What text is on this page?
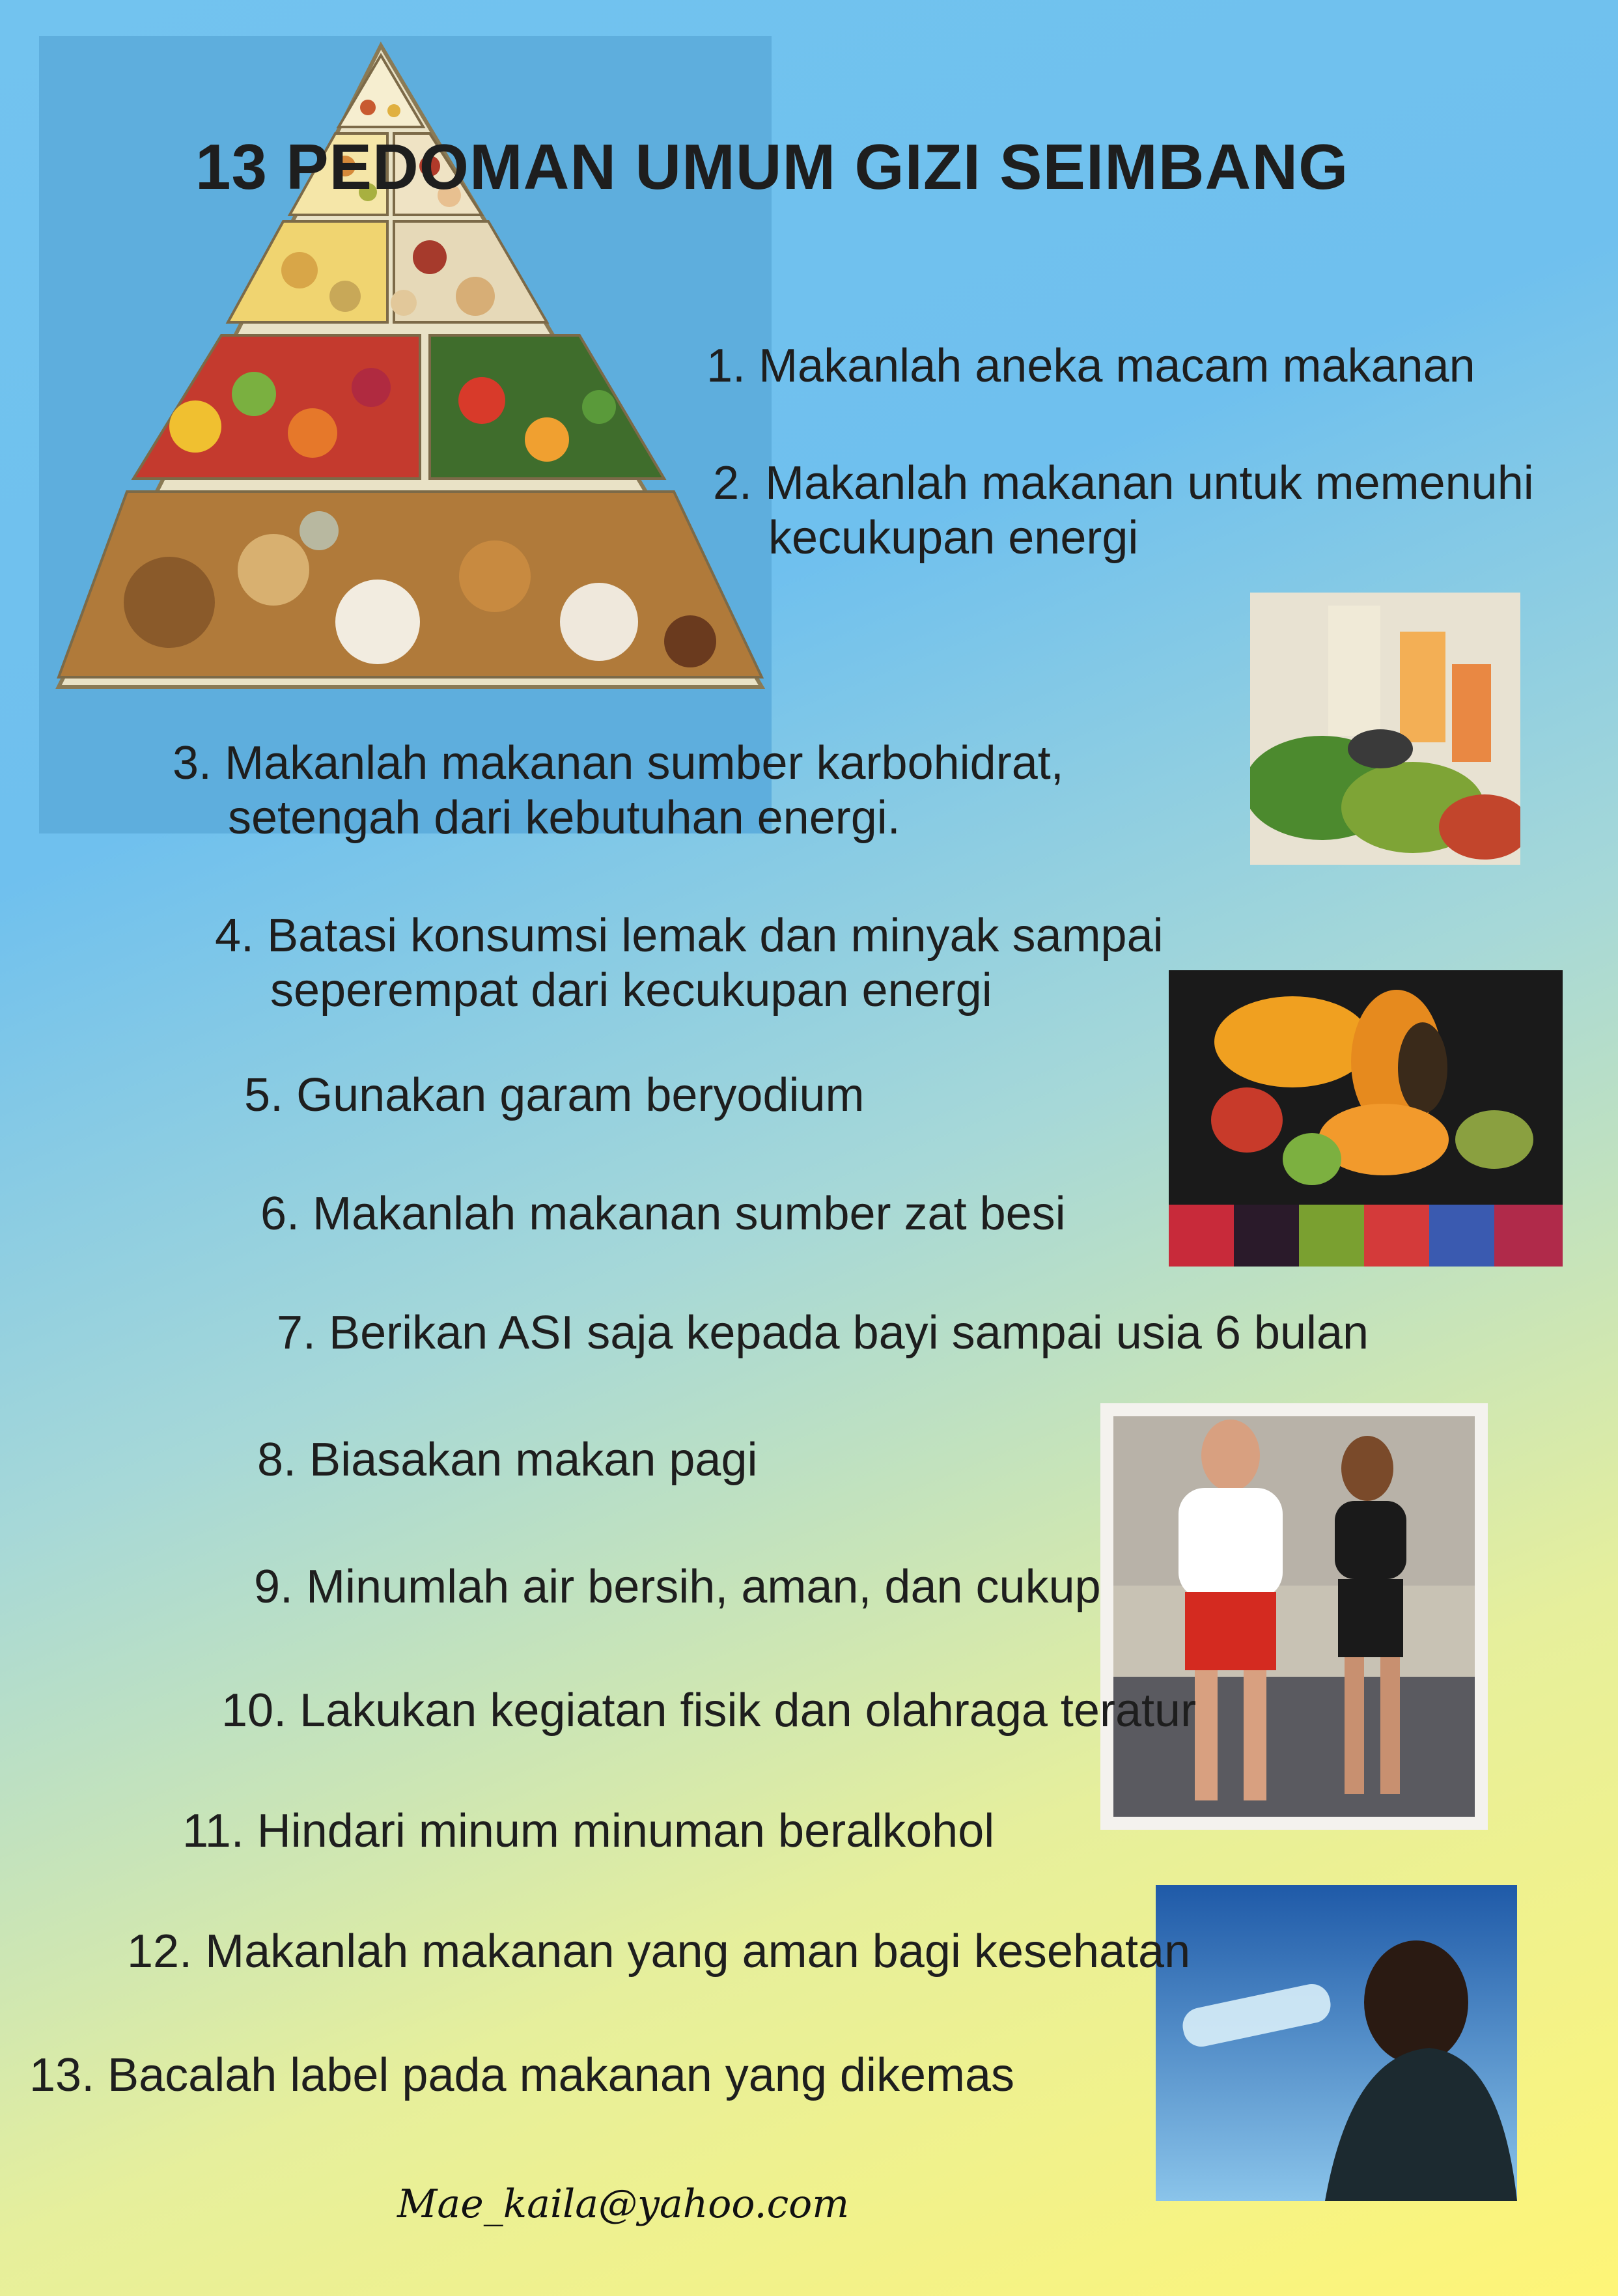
13 PEDOMAN UMUM GIZI SEIMBANG
1. Makanlah aneka macam makanan
2. Makanlah makanan untuk memenuhi
kecukupan energi
3. Makanlah makanan sumber karbohidrat,
setengah dari kebutuhan energi.
4. Batasi konsumsi lemak dan minyak sampai
seperempat dari kecukupan energi
5. Gunakan garam beryodium
6. Makanlah makanan sumber zat besi
7. Berikan ASI saja kepada bayi sampai usia 6 bulan
8. Biasakan makan pagi
9. Minumlah air bersih, aman, dan cukup
10. Lakukan kegiatan fisik dan olahraga teratur
11. Hindari minum minuman beralkohol
12. Makanlah makanan yang aman bagi kesehatan
13. Bacalah label pada makanan yang dikemas
Mae_kaila@yahoo.com
